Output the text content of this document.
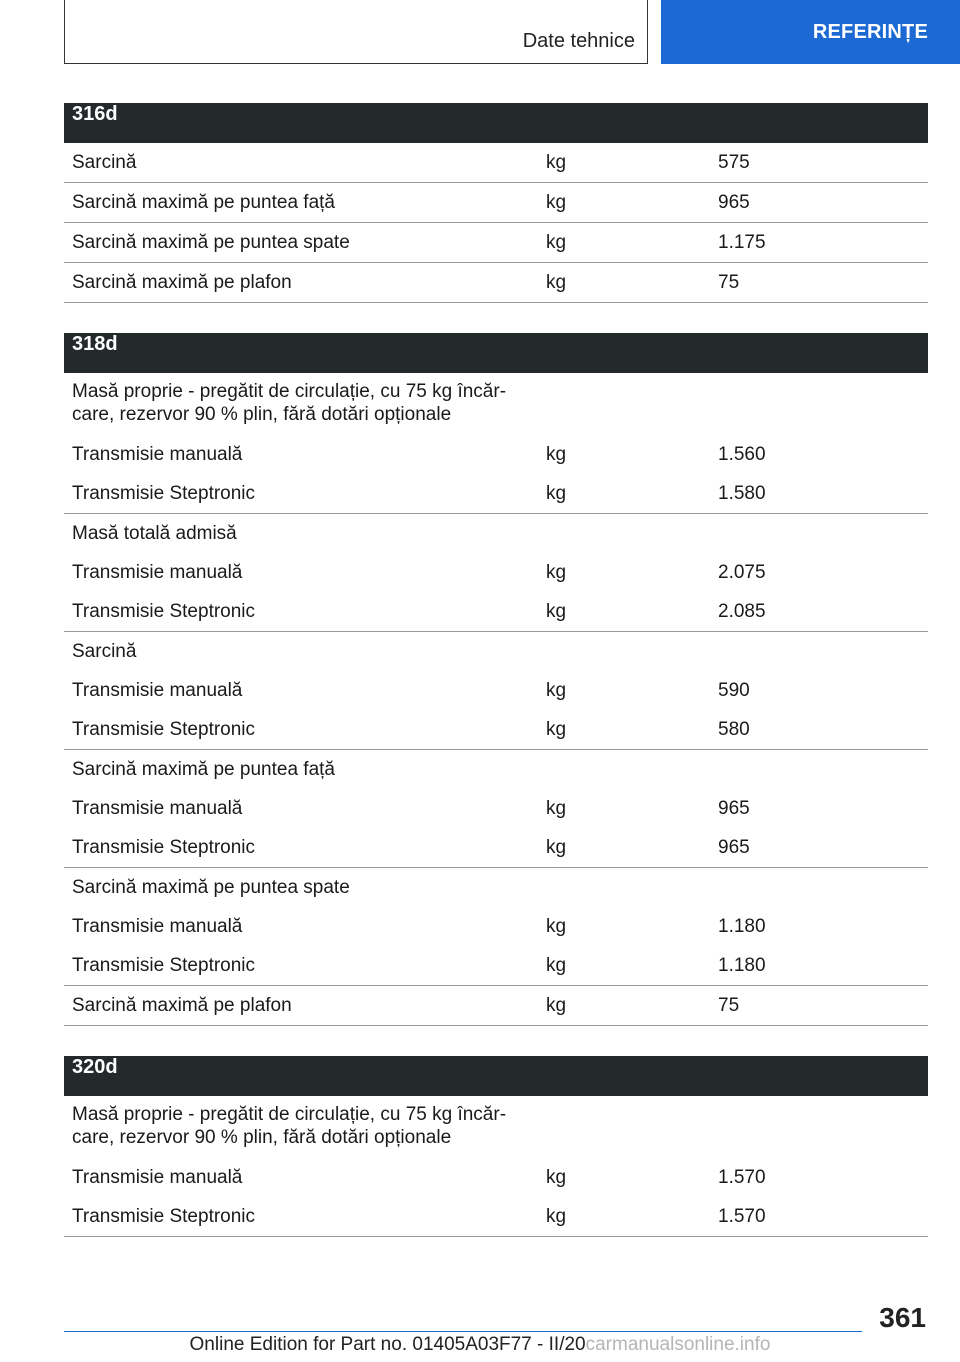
Date tehnice	REFERINȚE
316d		
Sarcină	kg	575
Sarcină maximă pe puntea față	kg	965
Sarcină maximă pe puntea spate	kg	1.175
Sarcină maximă pe plafon	kg	75
318d		
Masă proprie - pregătit de circulație, cu 75 kg încăr-
care, rezervor 90 % plin, fără dotări opționale		
Transmisie manuală	kg	1.560
Transmisie Steptronic	kg	1.580
Masă totală admisă		
Transmisie manuală	kg	2.075
Transmisie Steptronic	kg	2.085
Sarcină		
Transmisie manuală	kg	590
Transmisie Steptronic	kg	580
Sarcină maximă pe puntea față		
Transmisie manuală	kg	965
Transmisie Steptronic	kg	965
Sarcină maximă pe puntea spate		
Transmisie manuală	kg	1.180
Transmisie Steptronic	kg	1.180
Sarcină maximă pe plafon	kg	75
320d		
Masă proprie - pregătit de circulație, cu 75 kg încăr-
care, rezervor 90 % plin, fără dotări opționale		
Transmisie manuală	kg	1.570
Transmisie Steptronic	kg	1.570
361
Online Edition for Part no. 01405A03F77 - II/20carmanualsonline.info
